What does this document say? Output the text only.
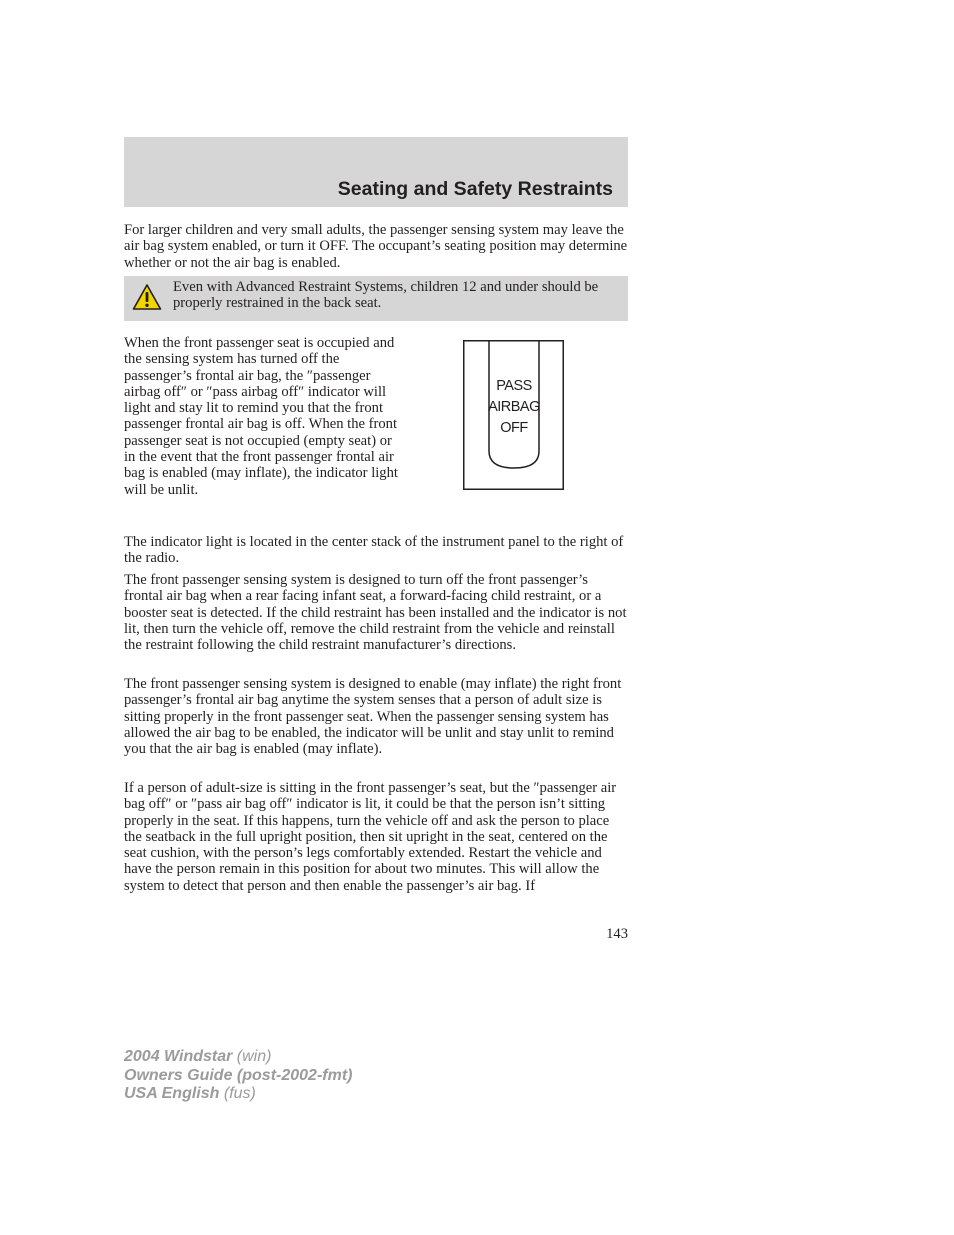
Seating and Safety Restraints

For larger children and very small adults, the passenger sensing system may leave the air bag system enabled, or turn it OFF. The occupant’s seating position may determine whether or not the air bag is enabled.

Even with Advanced Restraint Systems, children 12 and under should be properly restrained in the back seat.

When the front passenger seat is occupied and the sensing system has turned off the passenger’s frontal air bag, the ″passenger airbag off″ or ″pass airbag off″ indicator will light and stay lit to remind you that the front passenger frontal air bag is off. When the front passenger seat is not occupied (empty seat) or in the event that the front passenger frontal air bag is enabled (may inflate), the indicator light will be unlit.

PASS
AIRBAG
OFF

The indicator light is located in the center stack of the instrument panel to the right of the radio.

The front passenger sensing system is designed to turn off the front passenger’s frontal air bag when a rear facing infant seat, a forward-facing child restraint, or a booster seat is detected. If the child restraint has been installed and the indicator is not lit, then turn the vehicle off, remove the child restraint from the vehicle and reinstall the restraint following the child restraint manufacturer’s directions.

The front passenger sensing system is designed to enable (may inflate) the right front passenger’s frontal air bag anytime the system senses that a person of adult size is sitting properly in the front passenger seat. When the passenger sensing system has allowed the air bag to be enabled, the indicator will be unlit and stay unlit to remind you that the air bag is enabled (may inflate).

If a person of adult-size is sitting in the front passenger’s seat, but the ″passenger air bag off″ or ″pass air bag off″ indicator is lit, it could be that the person isn’t sitting properly in the seat. If this happens, turn the vehicle off and ask the person to place the seatback in the full upright position, then sit upright in the seat, centered on the seat cushion, with the person’s legs comfortably extended. Restart the vehicle and have the person remain in this position for about two minutes. This will allow the system to detect that person and then enable the passenger’s air bag. If

143

2004 Windstar (win)
Owners Guide (post-2002-fmt)
USA English (fus)
